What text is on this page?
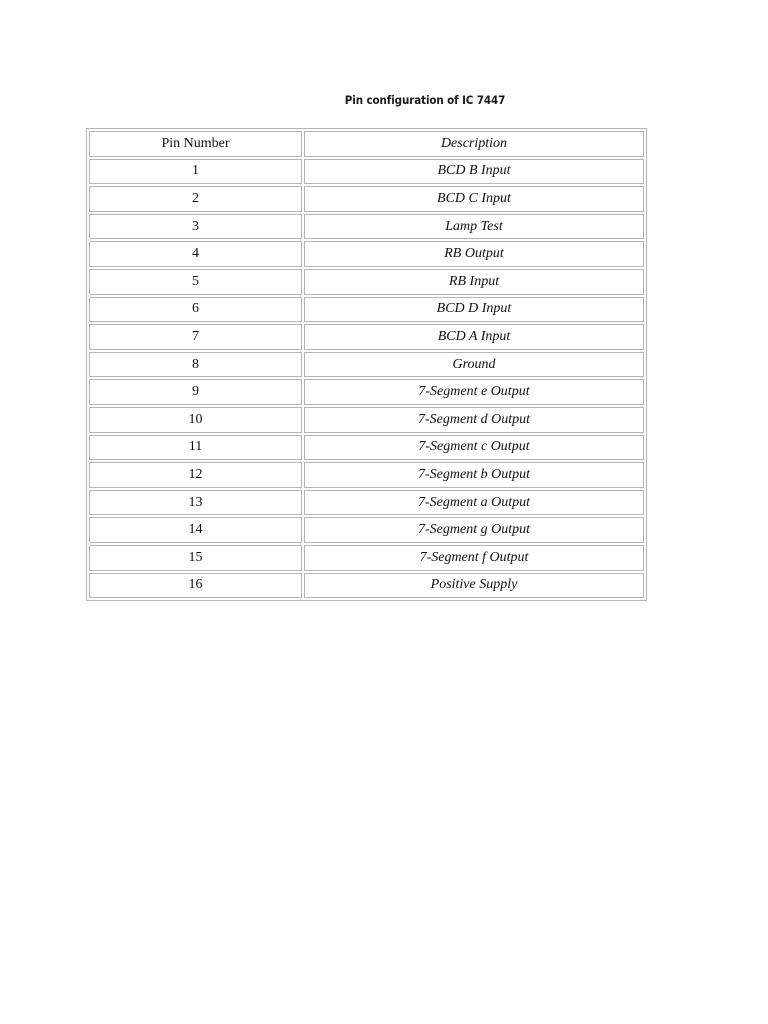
Pin configuration of IC 7447
Pin Number	Description
1	BCD B Input
2	BCD C Input
3	Lamp Test
4	RB Output
5	RB Input
6	BCD D Input
7	BCD A Input
8	Ground
9	7-Segment e Output
10	7-Segment d Output
11	7-Segment c Output
12	7-Segment b Output
13	7-Segment a Output
14	7-Segment g Output
15	7-Segment f Output
16	Positive Supply
